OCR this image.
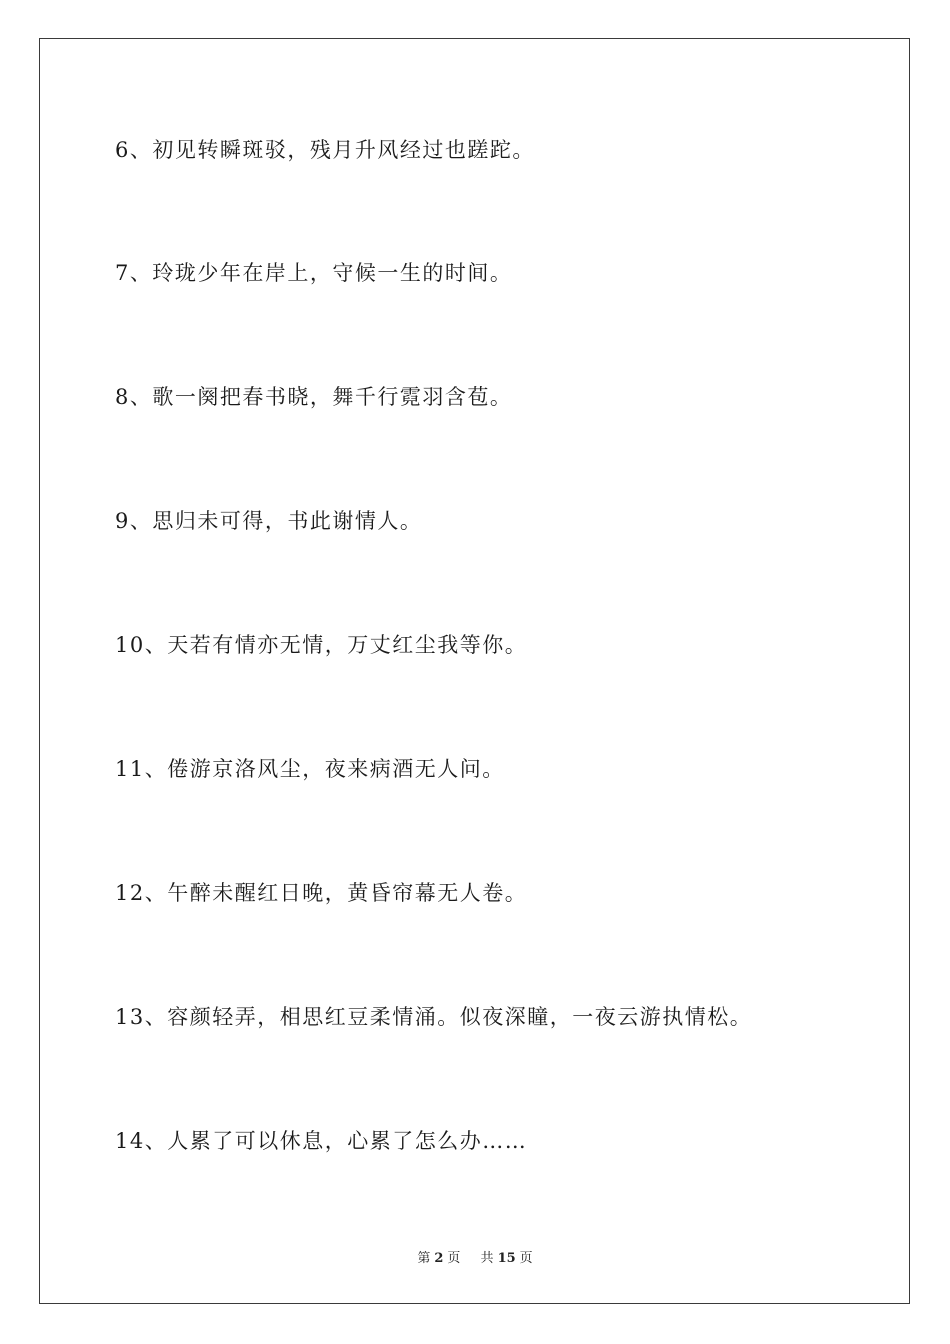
6、初见转瞬斑驳，残月升风经过也蹉跎。
7、玲珑少年在岸上，守候一生的时间。
8、歌一阕把春书晓，舞千行霓羽含苞。
9、思归未可得，书此谢情人。
10、天若有情亦无情，万丈红尘我等你。
11、倦游京洛风尘，夜来病酒无人问。
12、午醉未醒红日晚，黄昏帘幕无人卷。
13、容颜轻弄，相思红豆柔情涌。似夜深瞳，一夜云游执情松。
14、人累了可以休息，心累了怎么办……
第 2 页 共 15 页
